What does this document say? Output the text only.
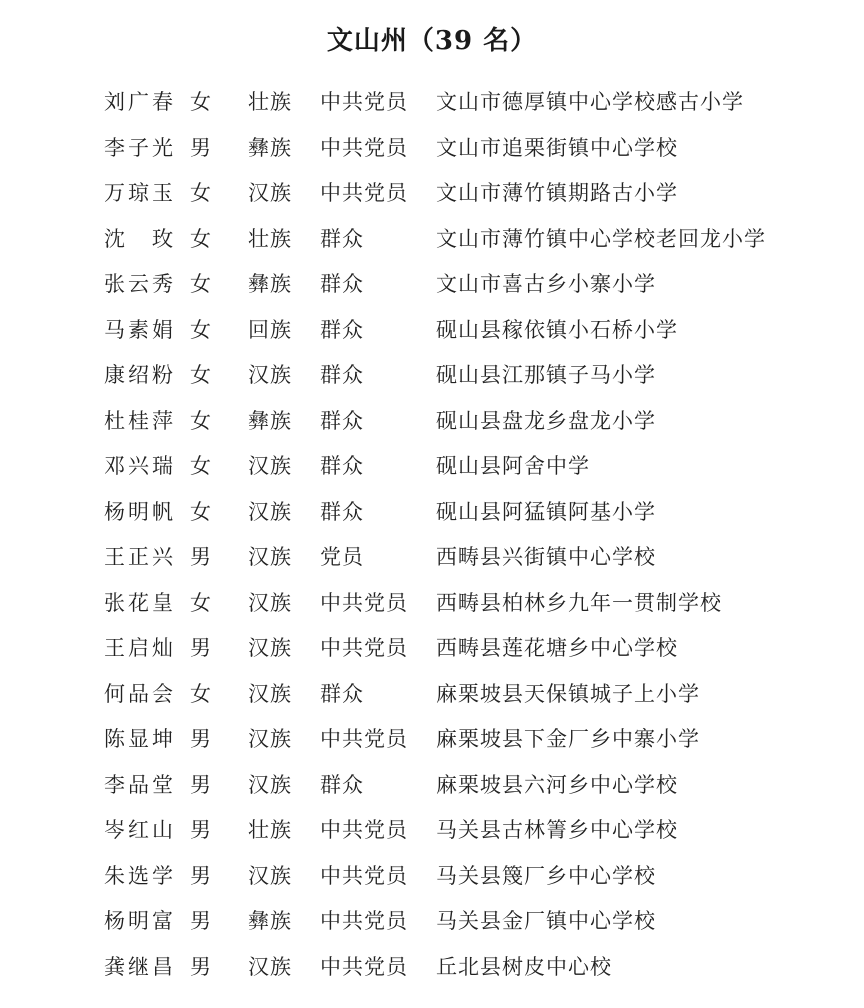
文山州（39 名）
刘广春 女 壮族 中共党员 文山市德厚镇中心学校感古小学
李子光 男 彝族 中共党员 文山市追栗街镇中心学校
万琼玉 女 汉族 中共党员 文山市薄竹镇期路古小学
沈　玫 女 壮族 群众	文山市薄竹镇中心学校老回龙小学
张云秀 女 彝族 群众	文山市喜古乡小寨小学
马素娟 女 回族 群众	砚山县稼依镇小石桥小学
康绍粉 女 汉族 群众	砚山县江那镇子马小学
杜桂萍 女 彝族 群众	砚山县盘龙乡盘龙小学
邓兴瑞 女 汉族 群众	砚山县阿舍中学
杨明帆 女 汉族 群众	砚山县阿猛镇阿基小学
王正兴 男 汉族 党员	西畴县兴街镇中心学校
张花皇 女 汉族 中共党员 西畴县柏林乡九年一贯制学校
王启灿 男 汉族 中共党员 西畴县莲花塘乡中心学校
何品会 女 汉族 群众	麻栗坡县天保镇城子上小学
陈显坤 男 汉族 中共党员 麻栗坡县下金厂乡中寨小学
李品堂 男 汉族 群众	麻栗坡县六河乡中心学校
岑红山 男 壮族 中共党员 马关县古林箐乡中心学校
朱选学 男 汉族 中共党员 马关县篾厂乡中心学校
杨明富 男 彝族 中共党员 马关县金厂镇中心学校
龚继昌 男 汉族 中共党员 丘北县树皮中心校
